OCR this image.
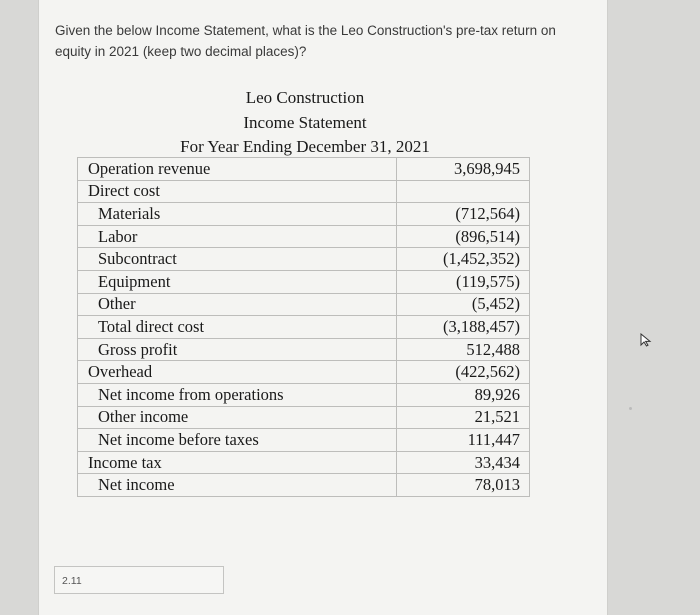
Given the below Income Statement, what is the Leo Construction's pre-tax return on equity in 2021 (keep two decimal places)?
Leo Construction
Income Statement
For Year Ending December 31, 2021
Operation revenue	3,698,945
Direct cost	
Materials	(712,564)
Labor	(896,514)
Subcontract	(1,452,352)
Equipment	(119,575)
Other	(5,452)
Total direct cost	(3,188,457)
Gross profit	512,488
Overhead	(422,562)
Net income from operations	89,926
Other income	21,521
Net income before taxes	111,447
Income tax	33,434
Net income	78,013
2.11
